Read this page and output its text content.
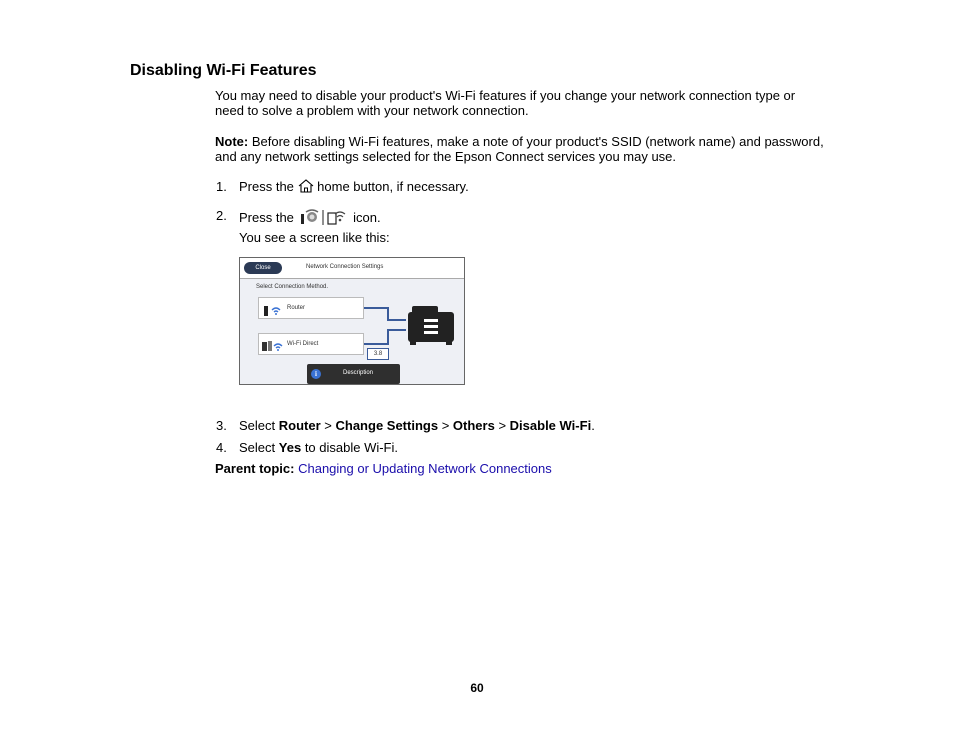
Disabling Wi-Fi Features
You may need to disable your product's Wi-Fi features if you change your network connection type or need to solve a problem with your network connection.
Note: Before disabling Wi-Fi features, make a note of your product's SSID (network name) and password, and any network settings selected for the Epson Connect services you may use.
1. Press the home button, if necessary.
2. Press the	icon.
You see a screen like this:
Close	Network Connection Settings
Select Connection Method.
Router
Wi-Fi Direct
3.8
i	Description
3. Select Router > Change Settings > Others > Disable Wi-Fi.
4. Select Yes to disable Wi-Fi.
Parent topic: Changing or Updating Network Connections
60
